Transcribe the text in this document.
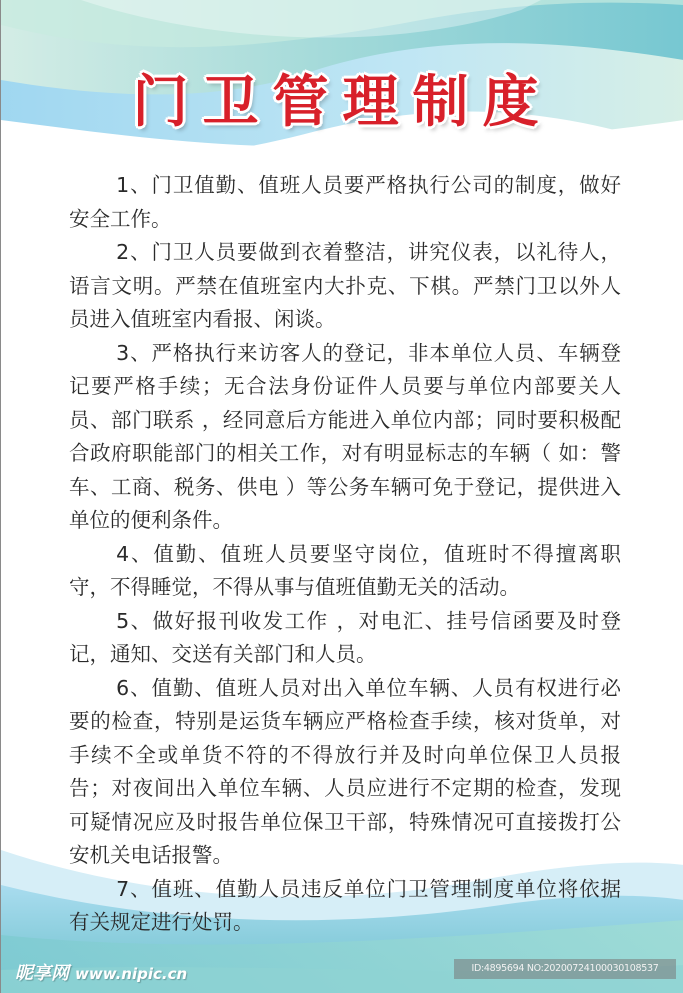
门卫管理制度

1、门卫值勤、值班人员要严格执行公司的制度，做好安全工作。

2、门卫人员要做到衣着整洁，讲究仪表，以礼待人，语言文明。严禁在值班室内大扑克、下棋。严禁门卫以外人员进入值班室内看报、闲谈。

3、严格执行来访客人的登记，非本单位人员、车辆登记要严格手续；无合法身份证件人员要与单位内部要关人员、部门联系 ，经同意后方能进入单位内部；同时要积极配合政府职能部门的相关工作，对有明显标志的车辆（ 如：警车、工商、税务、供电 ）等公务车辆可免于登记，提供进入单位的便利条件。

4、值勤、值班人员要坚守岗位，值班时不得擅离职守，不得睡觉，不得从事与值班值勤无关的活动。

5、做好报刊收发工作 ，对电汇、挂号信函要及时登记，通知、交送有关部门和人员。

6、值勤、值班人员对出入单位车辆、人员有权进行必要的检查，特别是运货车辆应严格检查手续，核对货单，对手续不全或单货不符的不得放行并及时向单位保卫人员报告；对夜间出入单位车辆、人员应进行不定期的检查，发现可疑情况应及时报告单位保卫干部，特殊情况可直接拨打公安机关电话报警。

7、值班、值勤人员违反单位门卫管理制度单位将依据有关规定进行处罚。

昵享网 www.nipic.cn	ID:4895694 NO:20200724100030108537
